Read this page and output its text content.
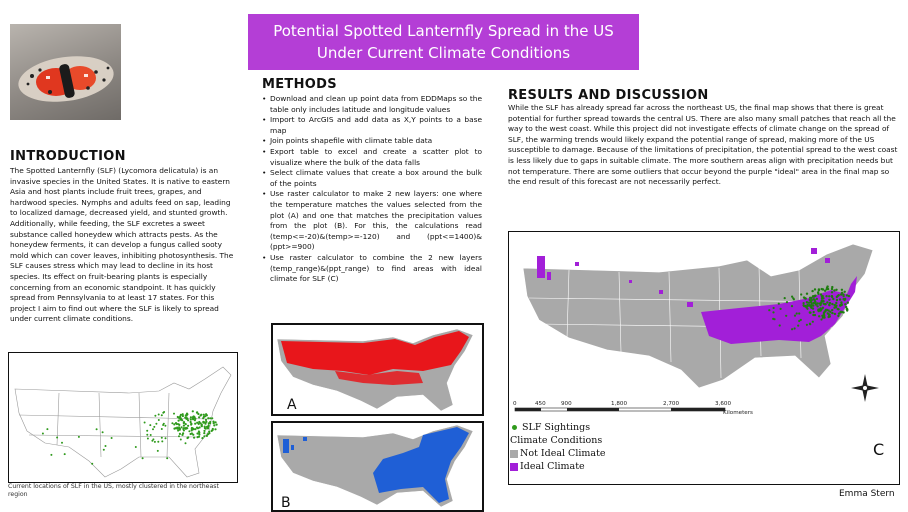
Potential Spotted Lanternfly Spread in the US
Under Current Climate Conditions
INTRODUCTION
The Spotted Lanternfly (SLF) (Lycomora delicatula) is an invasive species in the United States. It is native to eastern Asia and host plants include fruit trees, grapes, and hardwood species. Nymphs and adults feed on sap, leading to localized damage, decreased yield, and stunted growth. Additionally, while feeding, the SLF excretes a sweet substance called honeydew which attracts pests. As the honeydew ferments, it can develop a fungus called sooty mold which can cover leaves, inhibiting photosynthesis. The SLF causes stress which may lead to decline in its host species. Its effect on fruit-bearing plants is especially concerning from an economic standpoint. It has quickly spread from Pennsylvania to at least 17 states. For this project I aim to find out where the SLF is likely to spread under current climate conditions.
METHODS
• Download and clean up point data from EDDMaps so the table only includes latitude and longitude values
• Import to ArcGIS and add data as X,Y points to a base map
• Join points shapefile with climate table data
• Export table to excel and create a scatter plot to visualize where the bulk of the data falls
• Select climate values that create a box around the bulk of the points
• Use raster calculator to make 2 new layers: one where the temperature matches the values selected from the plot (A) and one that matches the precipitation values from the plot (B). For this, the calculations read (temp<=-20)&(temp>=-120) and (ppt<=1400)&(ppt>=900)
• Use raster calculator to combine the 2 new layers (temp_range)&(ppt_range) to find areas with ideal climate for SLF (C)
RESULTS AND DISCUSSION
While the SLF has already spread far across the northeast US, the final map shows that there is great potential for further spread towards the central US. There are also many small patches that reach all the way to the west coast. While this project did not investigate effects of climate change on the spread of SLF, the warming trends would likely expand the potential range of spread, making more of the US susceptible to damage. Because of the limitations of precipitation, the potential spread to the west coast is less likely due to gaps in suitable climate. The more southern areas align with precipitation needs but not temperature. There are some outliers that occur beyond the purple "ideal" area in the final map so the end result of this forecast are not necessarily perfect.
Current locations of SLF in the US, mostly clustered in the northeast region
A
B
0	450	900	1,800	2,700	3,600
Kilometers
C
SLF Sightings
Climate Conditions
Not Ideal Climate
Ideal Climate
Emma Stern
